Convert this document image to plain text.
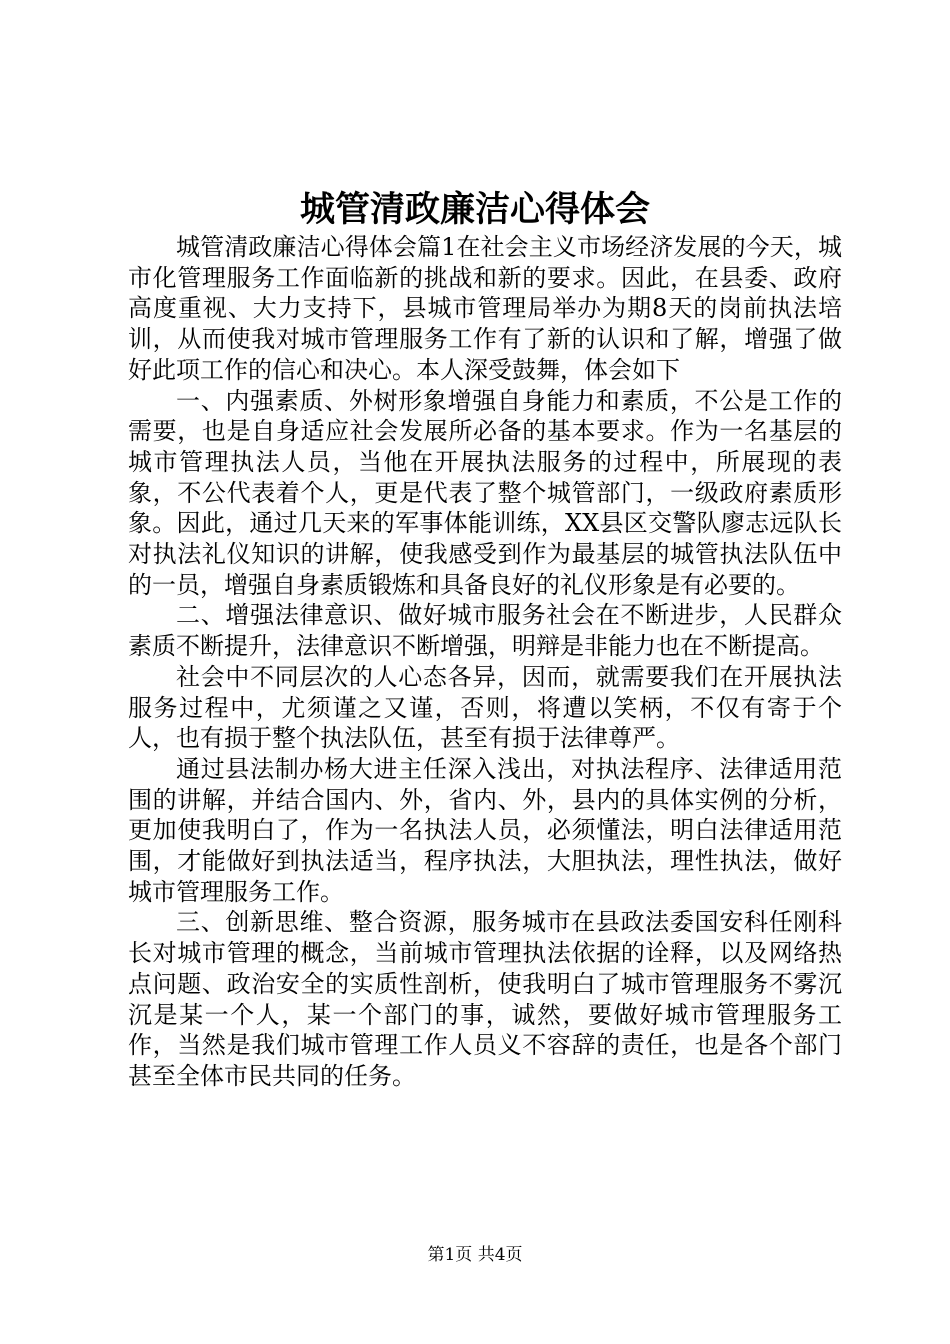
城管清政廉洁心得体会

城管清政廉洁心得体会篇1在社会主义市场经济发展的今天，城市化管理服务工作面临新的挑战和新的要求。因此，在县委、政府高度重视、大力支持下，县城市管理局举办为期8天的岗前执法培训，从而使我对城市管理服务工作有了新的认识和了解，增强了做好此项工作的信心和决心。本人深受鼓舞，体会如下

一、内强素质、外树形象增强自身能力和素质，不公是工作的需要，也是自身适应社会发展所必备的基本要求。作为一名基层的城市管理执法人员，当他在开展执法服务的过程中，所展现的表象，不公代表着个人，更是代表了整个城管部门，一级政府素质形象。因此，通过几天来的军事体能训练，XX县区交警队廖志远队长对执法礼仪知识的讲解，使我感受到作为最基层的城管执法队伍中的一员，增强自身素质锻炼和具备良好的礼仪形象是有必要的。

二、增强法律意识、做好城市服务社会在不断进步，人民群众素质不断提升，法律意识不断增强，明辩是非能力也在不断提高。

社会中不同层次的人心态各异，因而，就需要我们在开展执法服务过程中，尤须谨之又谨，否则，将遭以笑柄，不仅有寄于个人，也有损于整个执法队伍，甚至有损于法律尊严。

通过县法制办杨大进主任深入浅出，对执法程序、法律适用范围的讲解，并结合国内、外，省内、外，县内的具体实例的分析，更加使我明白了，作为一名执法人员，必须懂法，明白法律适用范围，才能做好到执法适当，程序执法，大胆执法，理性执法，做好城市管理服务工作。

三、创新思维、整合资源，服务城市在县政法委国安科任刚科长对城市管理的概念，当前城市管理执法依据的诠释，以及网络热点问题、政治安全的实质性剖析，使我明白了城市管理服务不雾沉沉是某一个人，某一个部门的事，诚然，要做好城市管理服务工作，当然是我们城市管理工作人员义不容辞的责任，也是各个部门甚至全体市民共同的任务。

第1页 共4页
